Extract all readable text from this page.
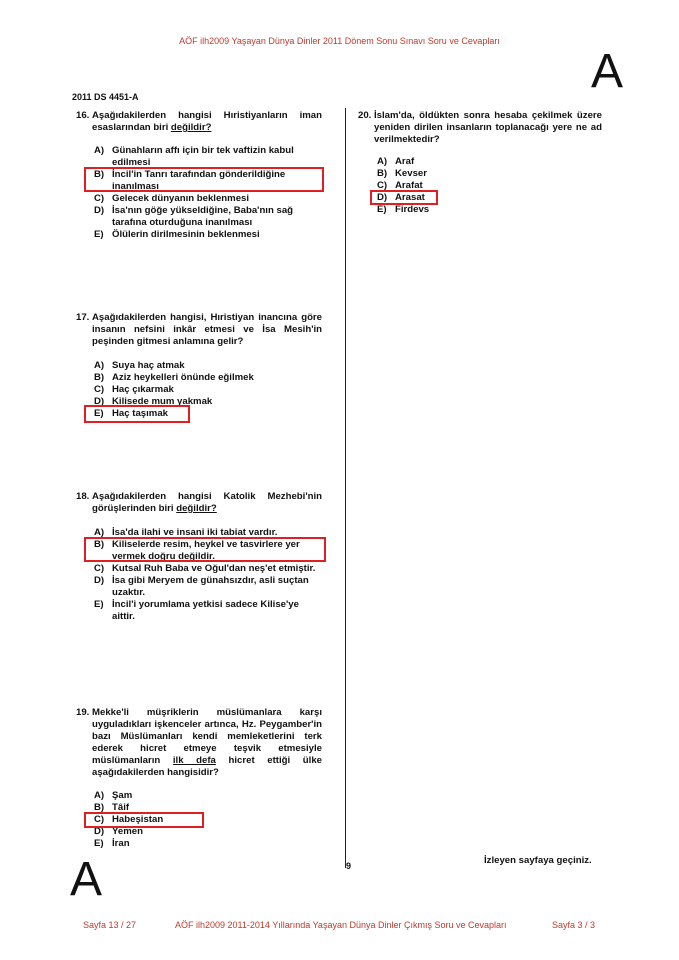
AÖF ilh2009 Yaşayan Dünya Dinler 2011 Dönem Sonu Sınavı Soru ve Cevapları
A
A
2011 DS 4451-A
16. Aşağıdakilerden hangisi Hıristiyanların iman esaslarından biri değildir?
A) Günahların affı için bir tek vaftizin kabul edilmesi
B) İncil'in Tanrı tarafından gönderildiğine inanılması
C) Gelecek dünyanın beklenmesi
D) İsa'nın göğe yükseldiğine, Baba'nın sağ tarafına oturduğuna inanılması
E) Ölülerin dirilmesinin beklenmesi
17. Aşağıdakilerden hangisi, Hıristiyan inancına göre insanın nefsini inkâr etmesi ve İsa Mesih'in peşinden gitmesi anlamına gelir?
A) Suya haç atmak
B) Aziz heykelleri önünde eğilmek
C) Haç çıkarmak
D) Kilisede mum yakmak
E) Haç taşımak
18. Aşağıdakilerden hangisi Katolik Mezhebi'nin görüşlerinden biri değildir?
A) İsa'da ilahi ve insani iki tabiat vardır.
B) Kiliselerde resim, heykel ve tasvirlere yer vermek doğru değildir.
C) Kutsal Ruh Baba ve Oğul'dan neş'et etmiştir.
D) İsa gibi Meryem de günahsızdır, asli suçtan uzaktır.
E) İncil'i yorumlama yetkisi sadece Kilise'ye aittir.
19. Mekke'li müşriklerin müslümanlara karşı uyguladıkları işkenceler artınca, Hz. Peygamber'in bazı Müslümanları kendi memleketlerini terk ederek hicret etmeye teşvik etmesiyle müslümanların ilk defa hicret ettiği ülke aşağıdakilerden hangisidir?
A) Şam
B) Tâif
C) Habeşistan
D) Yemen
E) İran
20. İslam'da, öldükten sonra hesaba çekilmek üzere yeniden dirilen insanların toplanacağı yere ne ad verilmektedir?
A) Araf
B) Kevser
C) Arafat
D) Arasat
E) Firdevs
9	İzleyen sayfaya geçiniz.
Sayfa 13 / 27	AÖF ilh2009 2011-2014 Yıllarında Yaşayan Dünya Dinler Çıkmış Soru ve Cevapları	Sayfa 3 / 3
